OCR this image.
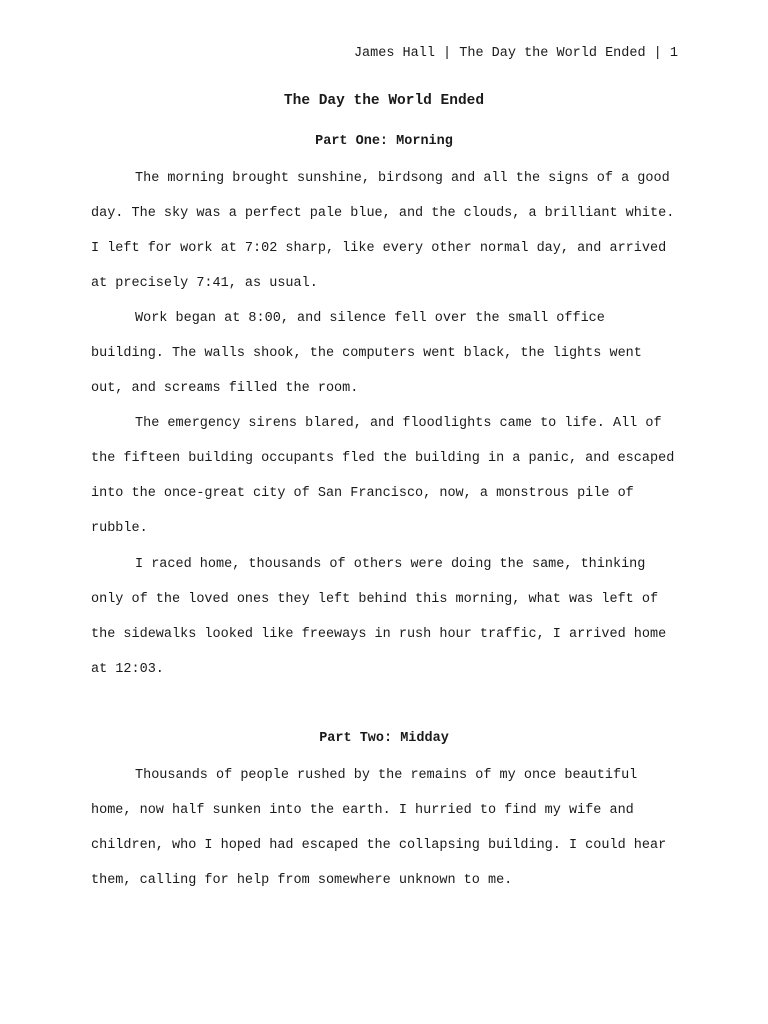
James Hall | The Day the World Ended | 1
The Day the World Ended
Part One: Morning

The morning brought sunshine, birdsong and all the signs of a good day. The sky was a perfect pale blue, and the clouds, a brilliant white. I left for work at 7:02 sharp, like every other normal day, and arrived at precisely 7:41, as usual.

Work began at 8:00, and silence fell over the small office building. The walls shook, the computers went black, the lights went out, and screams filled the room.

The emergency sirens blared, and floodlights came to life. All of the fifteen building occupants fled the building in a panic, and escaped into the once-great city of San Francisco, now, a monstrous pile of rubble.

I raced home, thousands of others were doing the same, thinking only of the loved ones they left behind this morning, what was left of the sidewalks looked like freeways in rush hour traffic, I arrived home at 12:03.

Part Two: Midday

Thousands of people rushed by the remains of my once beautiful home, now half sunken into the earth. I hurried to find my wife and children, who I hoped had escaped the collapsing building. I could hear them, calling for help from somewhere unknown to me.
